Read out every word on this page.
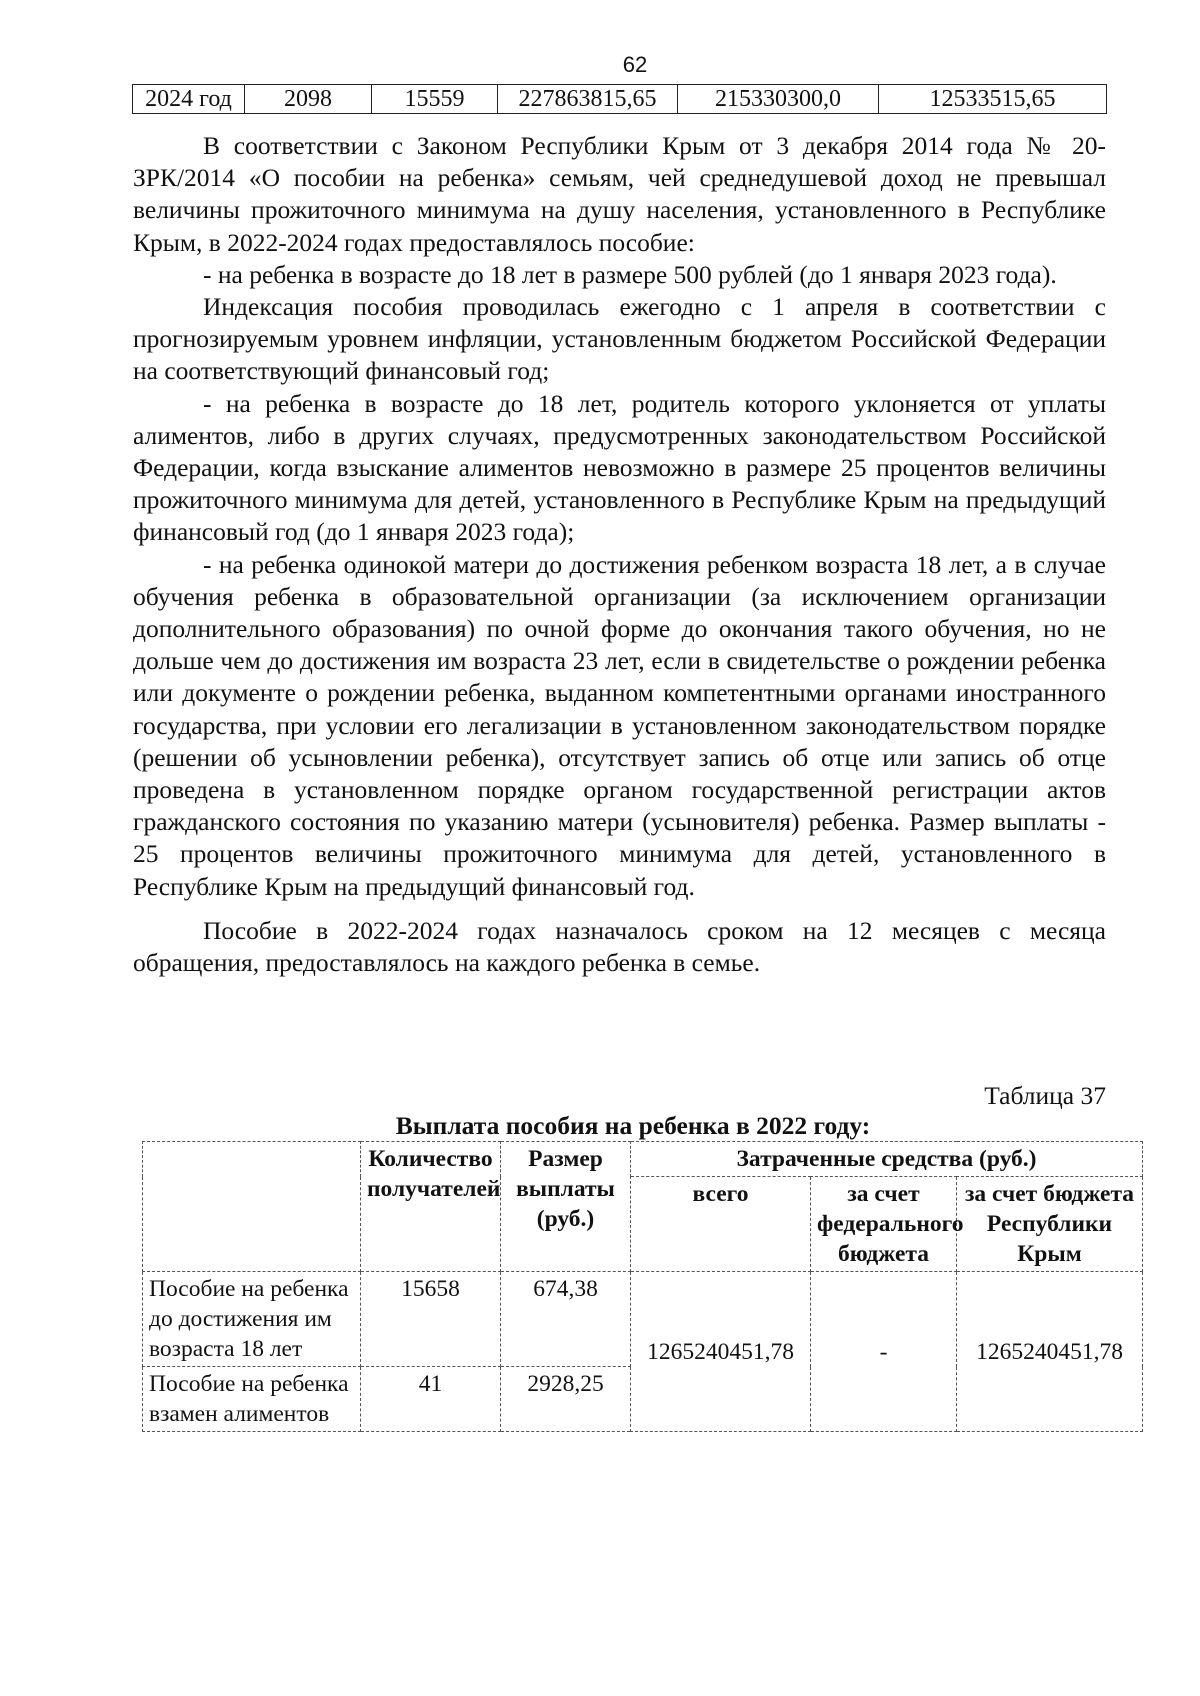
62
2024 год	2098	15559	227863815,65	215330300,0	12533515,65

В соответствии с Законом Республики Крым от 3 декабря 2014 года № 20-ЗРК/2014 «О пособии на ребенка» семьям, чей среднедушевой доход не превышал величины прожиточного минимума на душу населения, установленного в Республике Крым, в 2022-2024 годах предоставлялось пособие:

- на ребенка в возрасте до 18 лет в размере 500 рублей (до 1 января 2023 года).

Индексация пособия проводилась ежегодно с 1 апреля в соответствии с прогнозируемым уровнем инфляции, установленным бюджетом Российской Федерации на соответствующий финансовый год;

- на ребенка в возрасте до 18 лет, родитель которого уклоняется от уплаты алиментов, либо в других случаях, предусмотренных законодательством Российской Федерации, когда взыскание алиментов невозможно в размере 25 процентов величины прожиточного минимума для детей, установленного в Республике Крым на предыдущий финансовый год (до 1 января 2023 года);

- на ребенка одинокой матери до достижения ребенком возраста 18 лет, а в случае обучения ребенка в образовательной организации (за исключением организации дополнительного образования) по очной форме до окончания такого обучения, но не дольше чем до достижения им возраста 23 лет, если в свидетельстве о рождении ребенка или документе о рождении ребенка, выданном компетентными органами иностранного государства, при условии его легализации в установленном законодательством порядке (решении об усыновлении ребенка), отсутствует запись об отце или запись об отце проведена в установленном порядке органом государственной регистрации актов гражданского состояния по указанию матери (усыновителя) ребенка. Размер выплаты - 25 процентов величины прожиточного минимума для детей, установленного в Республике Крым на предыдущий финансовый год.

Пособие в 2022-2024 годах назначалось сроком на 12 месяцев с месяца обращения, предоставлялось на каждого ребенка в семье.

Таблица 37
Выплата пособия на ребенка в 2022 году:
	Количество получателей	Размер выплаты (руб.)	Затраченные средства (руб.)		
			всего	за счет федерального бюджета	за счет бюджета Республики Крым
Пособие на ребенка до достижения им возраста 18 лет	15658	674,38	1265240451,78	-	1265240451,78
Пособие на ребенка взамен алиментов	41	2928,25			
